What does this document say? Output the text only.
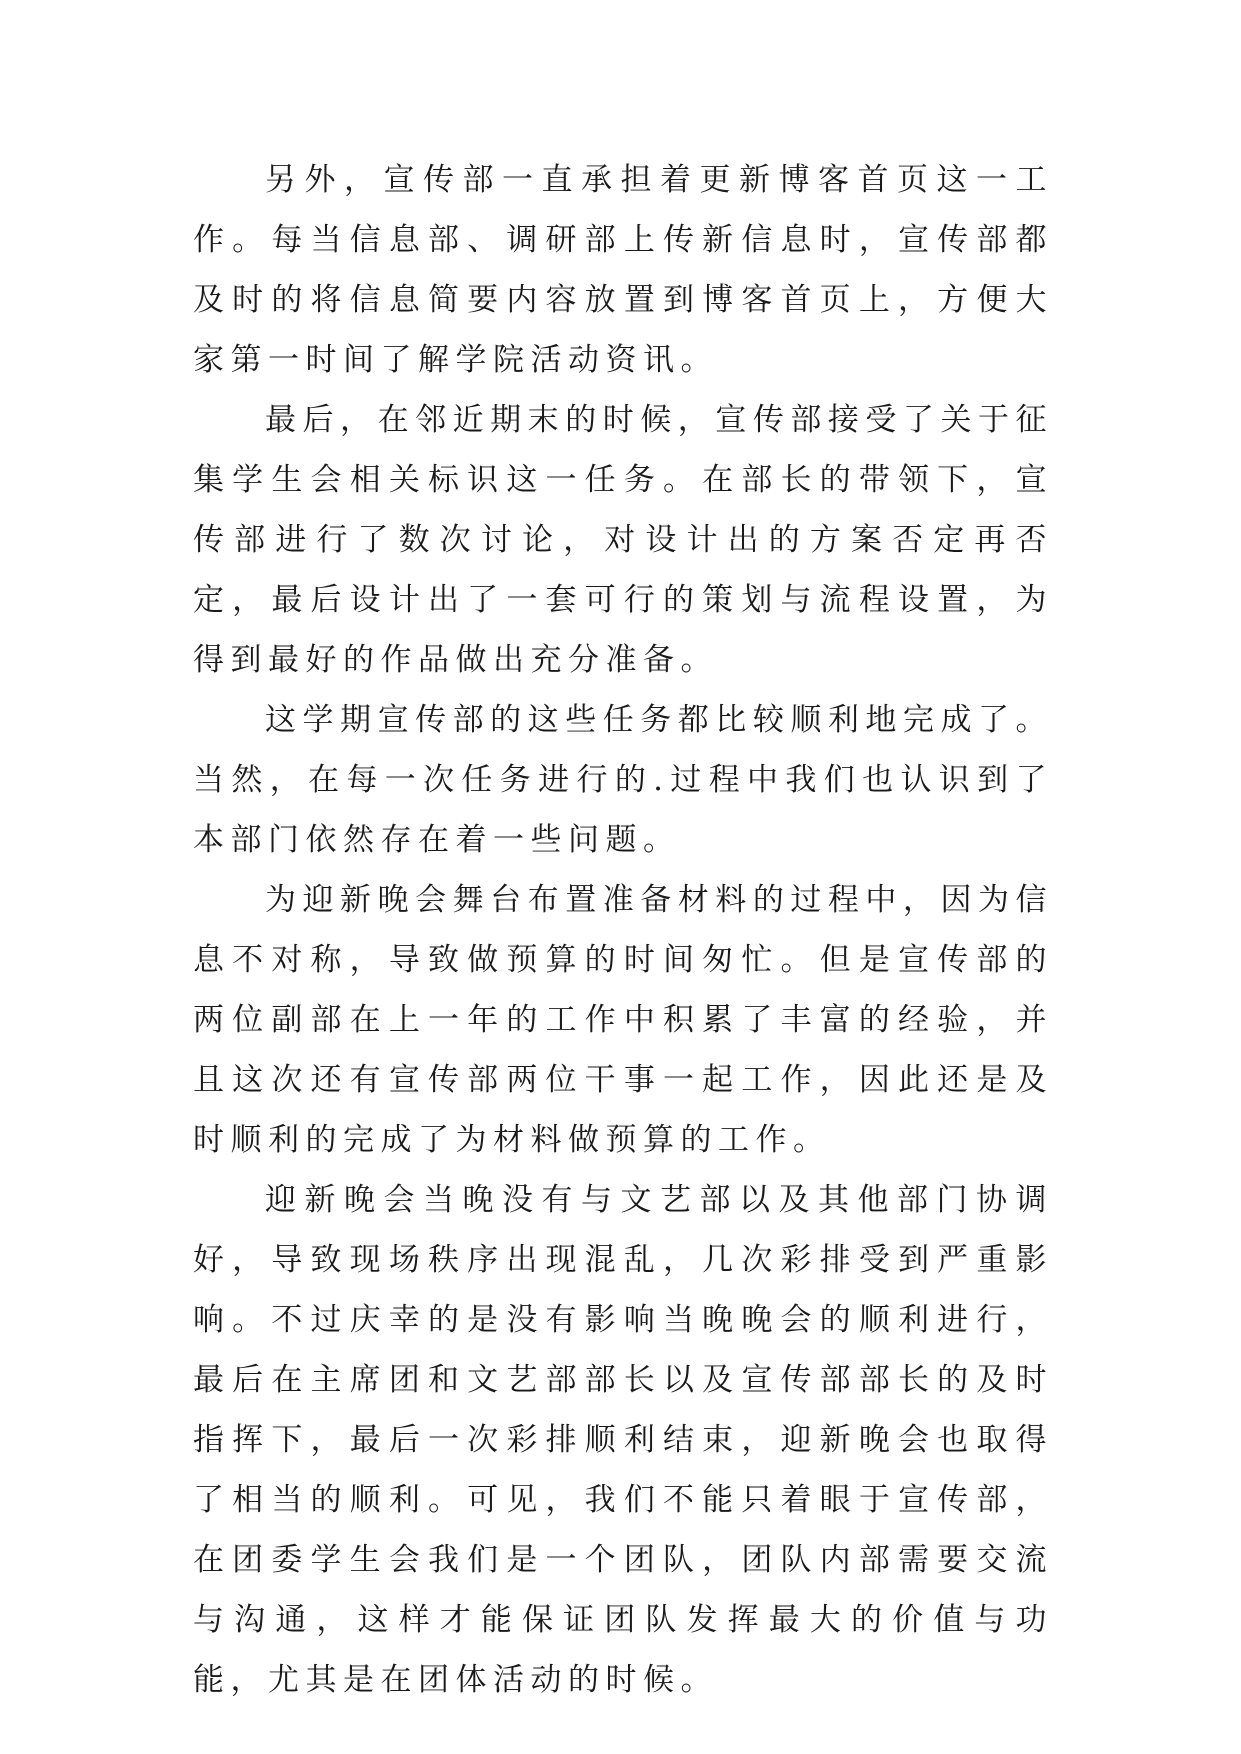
另外，宣传部一直承担着更新博客首页这一工作。每当信息部、调研部上传新信息时，宣传部都及时的将信息简要内容放置到博客首页上，方便大家第一时间了解学院活动资讯。

最后，在邻近期末的时候，宣传部接受了关于征集学生会相关标识这一任务。在部长的带领下，宣传部进行了数次讨论，对设计出的方案否定再否定，最后设计出了一套可行的策划与流程设置，为得到最好的作品做出充分准备。

这学期宣传部的这些任务都比较顺利地完成了。当然，在每一次任务进行的.过程中我们也认识到了本部门依然存在着一些问题。

为迎新晚会舞台布置准备材料的过程中，因为信息不对称，导致做预算的时间匆忙。但是宣传部的两位副部在上一年的工作中积累了丰富的经验，并且这次还有宣传部两位干事一起工作，因此还是及时顺利的完成了为材料做预算的工作。

迎新晚会当晚没有与文艺部以及其他部门协调好，导致现场秩序出现混乱，几次彩排受到严重影响。不过庆幸的是没有影响当晚晚会的顺利进行，最后在主席团和文艺部部长以及宣传部部长的及时指挥下，最后一次彩排顺利结束，迎新晚会也取得了相当的顺利。可见，我们不能只着眼于宣传部，在团委学生会我们是一个团队，团队内部需要交流与沟通，这样才能保证团队发挥最大的价值与功能，尤其是在团体活动的时候。
